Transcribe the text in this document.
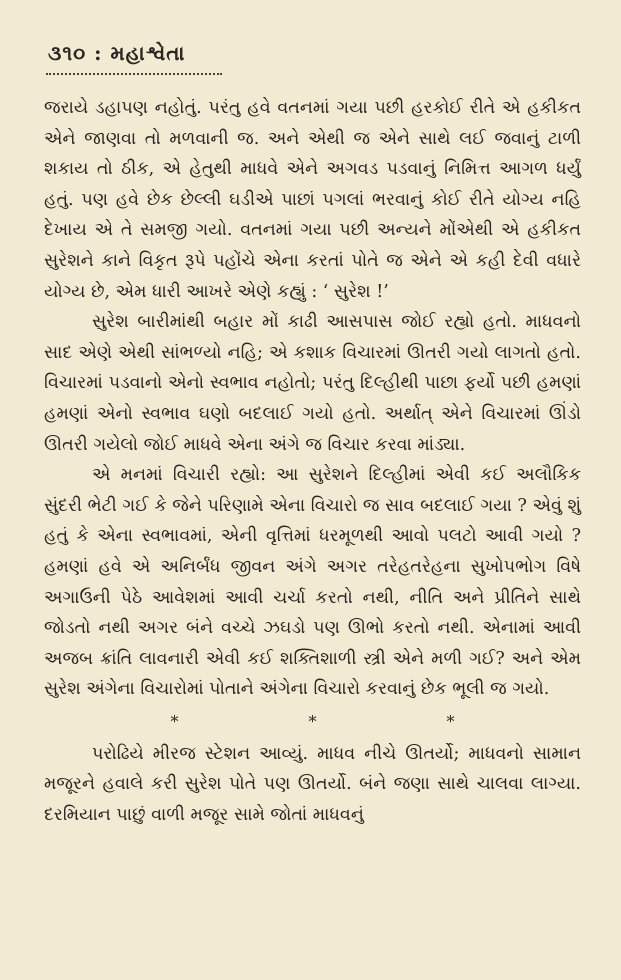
૩૧૦ : મહાશ્વેતા

જરાયે ડહાપણ નહોતું. પરંતુ હવે વતનમાં ગયા પછી હરકોઈ રીતે એ હકીકત એને જાણવા તો મળવાની જ. અને એથી જ એને સાથે લઈ જવાનું ટાળી શકાય તો ઠીક, એ હેતુથી માધવે એને અગવડ પડવાનું નિમિત્ત આગળ ધર્યું હતું. પણ હવે છેક છેલ્લી ઘડીએ પાછાં પગલાં ભરવાનું કોઈ રીતે યોગ્ય નહિ દેખાય એ તે સમજી ગયો. વતનમાં ગયા પછી અન્યને મોંએથી એ હકીકત સુરેશને કાને વિકૃત રૂપે પહોંચે એના કરતાં પોતે જ એને એ કહી દેવી વધારે યોગ્ય છે, એમ ધારી આખરે એણે કહ્યું : ‘ સુરેશ !’

સુરેશ બારીમાંથી બહાર મોં કાઢી આસપાસ જોઈ રહ્યો હતો. માધવનો સાદ એણે એથી સાંભળ્યો નહિ; એ કશાક વિચારમાં ઊતરી ગયો લાગતો હતો. વિચારમાં પડવાનો એનો સ્વભાવ નહોતો; પરંતુ દિલ્હીથી પાછા ફર્યો પછી હમણાં હમણાં એનો સ્વભાવ ઘણો બદલાઈ ગયો હતો. અર્થાત્ એને વિચારમાં ઊંડો ઊતરી ગયેલો જોઈ માધવે એના અંગે જ વિચાર કરવા માંડ્યા.

એ મનમાં વિચારી રહ્યો: આ સુરેશને દિલ્હીમાં એવી કઈ અલૌકિક સુંદરી ભેટી ગઈ કે જેને પરિણામે એના વિચારો જ સાવ બદલાઈ ગયા ? એવું શું હતું કે એના સ્વભાવમાં, એની વૃત્તિમાં ધરમૂળથી આવો પલટો આવી ગયો ? હમણાં હવે એ અનિર્બંધ જીવન અંગે અગર તરેહતરેહના સુખોપભોગ વિષે અગાઉની પેઠે આવેશમાં આવી ચર્ચા કરતો નથી, નીતિ અને પ્રીતિને સાથે જોડતો નથી અગર બંને વચ્ચે ઝઘડો પણ ઊભો કરતો નથી. એનામાં આવી અજબ ક્રાંતિ લાવનારી એવી કઈ શક્તિશાળી સ્ત્રી એને મળી ગઈ? અને એમ સુરેશ અંગેના વિચારોમાં પોતાને અંગેના વિચારો કરવાનું છેક ભૂલી જ ગયો.

*	*	*

પરોઢિયે મીરજ સ્ટેશન આવ્યું. માધવ નીચે ઊતર્યો; માધવનો સામાન મજૂરને હવાલે કરી સુરેશ પોતે પણ ઊતર્યો. બંને જણા સાથે ચાલવા લાગ્યા. દરમિયાન પાછું વાળી મજૂર સામે જોતાં માધવનું
